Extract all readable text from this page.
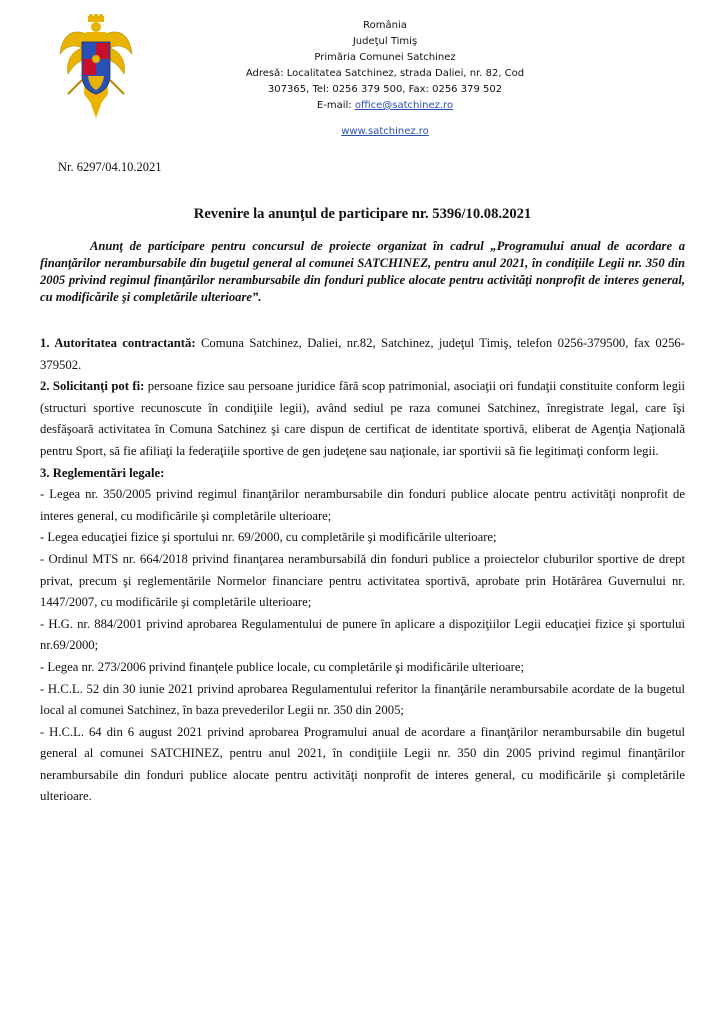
România
Judeţul Timiş
Primăria Comunei Satchinez
Adresă: Localitatea Satchinez, strada Daliei, nr. 82, Cod
307365, Tel: 0256 379 500, Fax: 0256 379 502
E-mail: office@satchinez.ro
www.satchinez.ro
Nr. 6297/04.10.2021
Revenire la anunţul de participare nr. 5396/10.08.2021
Anunţ de participare pentru concursul de proiecte organizat în cadrul „Programului anual de acordare a finanţărilor nerambursabile din bugetul general al comunei SATCHINEZ, pentru anul 2021, în condiţiile Legii nr. 350 din 2005 privind regimul finanţărilor nerambursabile din fonduri publice alocate pentru activităţi nonprofit de interes general, cu modificările şi completările ulterioare”.

1. Autoritatea contractantă: Comuna Satchinez, Daliei, nr.82, Satchinez, judeţul Timiş, telefon 0256-379500, fax 0256-379502.

2. Solicitanţi pot fi: persoane fizice sau persoane juridice fără scop patrimonial, asociaţii ori fundaţii constituite conform legii (structuri sportive recunoscute în condiţiile legii), având sediul pe raza comunei Satchinez, înregistrate legal, care îşi desfăşoară activitatea în Comuna Satchinez şi care dispun de certificat de identitate sportivă, eliberat de Agenţia Naţională pentru Sport, să fie afiliaţi la federaţiile sportive de gen judeţene sau naţionale, iar sportivii să fie legitimaţi conform legii.

3. Reglementări legale:

- Legea nr. 350/2005 privind regimul finanţărilor nerambursabile din fonduri publice alocate pentru activităţi nonprofit de interes general, cu modificările şi completările ulterioare;

- Legea educaţiei fizice şi sportului nr. 69/2000, cu completările şi modificările ulterioare;

- Ordinul MTS nr. 664/2018 privind finanţarea nerambursabilă din fonduri publice a proiectelor cluburilor sportive de drept privat, precum şi reglementările Normelor financiare pentru activitatea sportivă, aprobate prin Hotărârea Guvernului nr. 1447/2007, cu modificările şi completările ulterioare;

- H.G. nr. 884/2001 privind aprobarea Regulamentului de punere în aplicare a dispoziţiilor Legii educaţiei fizice şi sportului nr.69/2000;

- Legea nr. 273/2006 privind finanţele publice locale, cu completările şi modificările ulterioare;

- H.C.L. 52 din 30 iunie 2021 privind aprobarea Regulamentului referitor la finanţările nerambursabile acordate de la bugetul local al comunei Satchinez, în baza prevederilor Legii nr. 350 din 2005;

- H.C.L. 64 din 6 august 2021 privind aprobarea Programului anual de acordare a finanţărilor nerambursabile din bugetul general al comunei SATCHINEZ, pentru anul 2021, în condiţiile Legii nr. 350 din 2005 privind regimul finanţărilor nerambursabile din fonduri publice alocate pentru activităţi nonprofit de interes general, cu modificările şi completările ulterioare.
